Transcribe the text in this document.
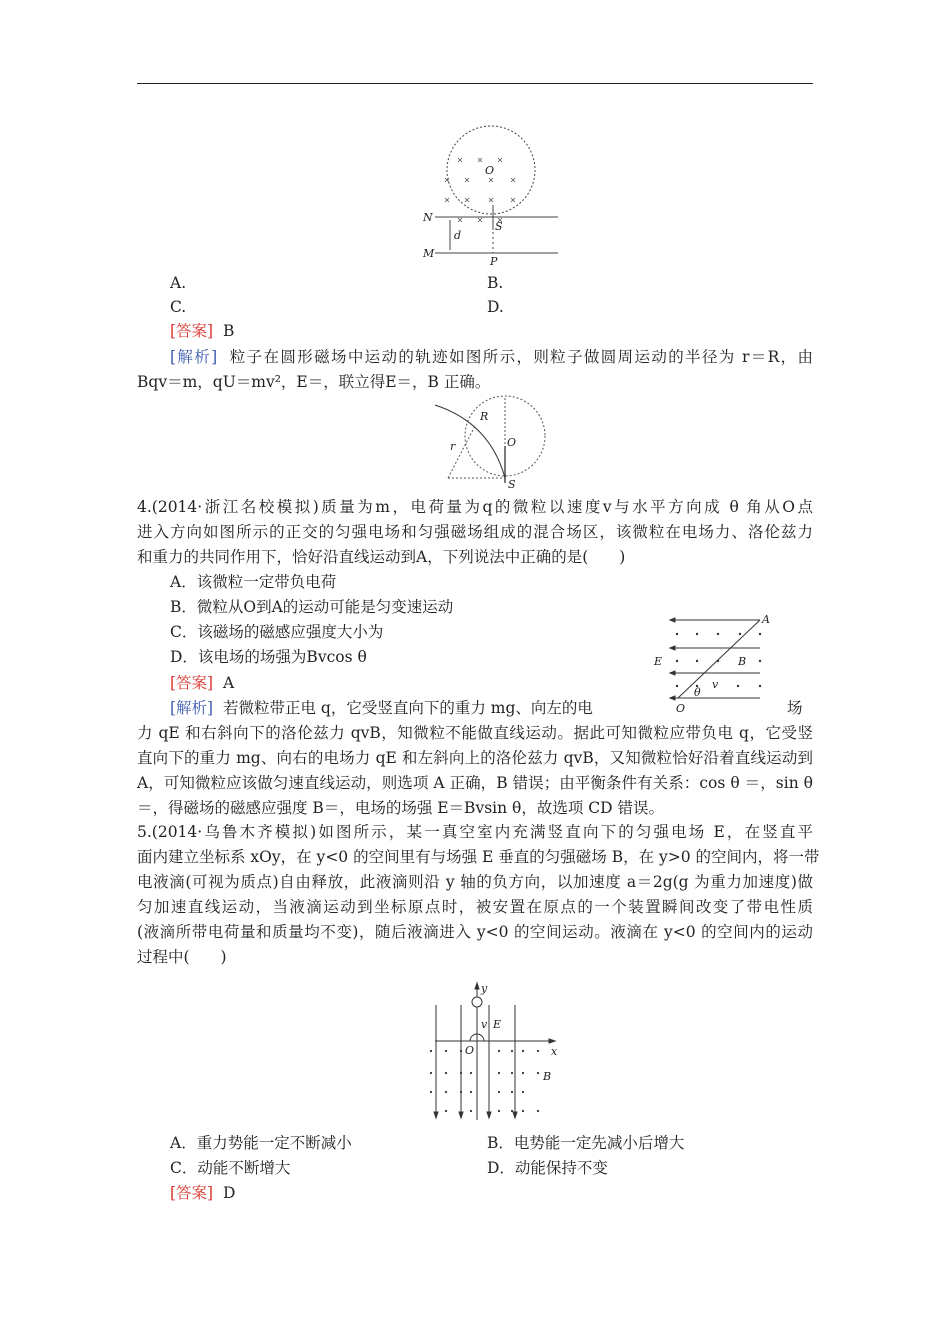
O
N
M
d
S
P
A.	B.
C.	D.
[答案] B
[解析] 粒子在圆形磁场中运动的轨迹如图所示，则粒子做圆周运动的半径为 r＝R，由
Bqv＝m，qU＝mv²，E＝，联立得E＝，B 正确。
R
O
r
S
4.(2014·浙江名校模拟)质量为m，电荷量为q的微粒以速度v与水平方向成 θ 角从O点
进入方向如图所示的正交的匀强电场和匀强磁场组成的混合场区，该微粒在电场力、洛伦兹力
和重力的共同作用下，恰好沿直线运动到A，下列说法中正确的是(　　)
A．该微粒一定带负电荷
B．微粒从O到A的运动可能是匀变速运动
C．该磁场的磁感应强度大小为
D．该电场的场强为Bvcos θ
[答案] A
[解析] 若微粒带正电 q，它受竖直向下的重力 mg、向左的电	场
力 qE 和右斜向下的洛伦兹力 qvB，知微粒不能做直线运动。据此可知微粒应带负电 q，它受竖
直向下的重力 mg、向右的电场力 qE 和左斜向上的洛伦兹力 qvB，又知微粒恰好沿着直线运动到
A，可知微粒应该做匀速直线运动，则选项 A 正确，B 错误；由平衡条件有关系：cos θ ＝，sin θ
＝，得磁场的磁感应强度 B＝，电场的场强 E＝Bvsin θ，故选项 CD 错误。
A
E	B
v
θ
O
5.(2014·乌鲁木齐模拟)如图所示，某一真空室内充满竖直向下的匀强电场 E，在竖直平
面内建立坐标系 xOy，在 y<0 的空间里有与场强 E 垂直的匀强磁场 B，在 y>0 的空间内，将一带
电液滴(可视为质点)自由释放，此液滴则沿 y 轴的负方向，以加速度 a＝2g(g 为重力加速度)做
匀加速直线运动，当液滴运动到坐标原点时，被安置在原点的一个装置瞬间改变了带电性质
(液滴所带电荷量和质量均不变)，随后液滴进入 y<0 的空间运动。液滴在 y<0 的空间内的运动
过程中(　　)
y
E
v
O	x
B
A．重力势能一定不断减小	B．电势能一定先减小后增大
C．动能不断增大	D．动能保持不变
[答案] D
